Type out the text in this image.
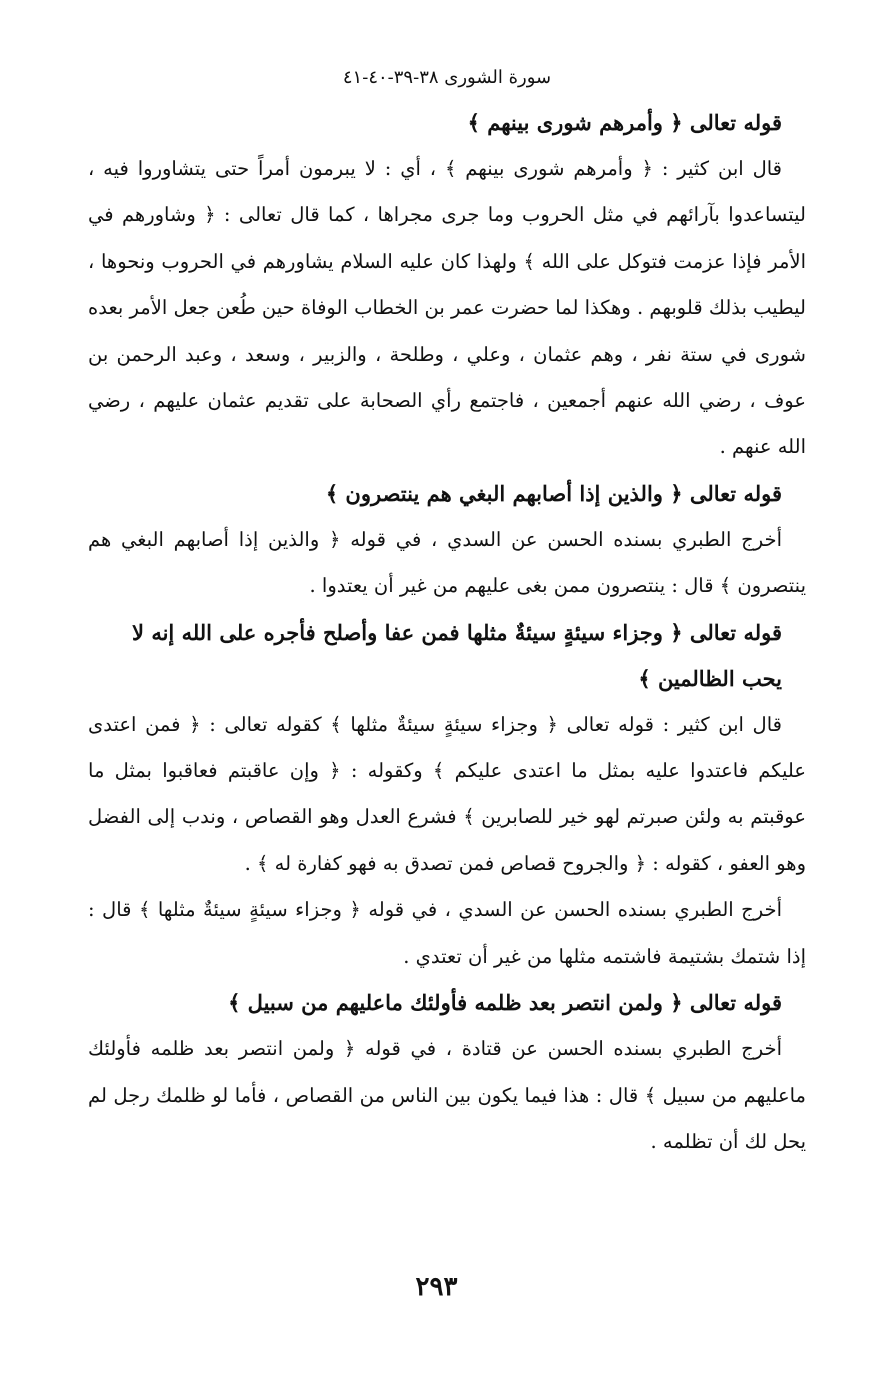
سورة الشورى ٣٨-٣٩-٤٠-٤١

قوله تعالى ﴿ وأمرهم شورى بينهم ﴾

قال ابن كثير : ﴿ وأمرهم شورى بينهم ﴾ ، أي : لا يبرمون أمراً حتى يتشاوروا فيه ، ليتساعدوا بآرائهم في مثل الحروب وما جرى مجراها ، كما قال تعالى : ﴿ وشاورهم في الأمر فإذا عزمت فتوكل على الله ﴾ ولهذا كان عليه السلام يشاورهم في الحروب ونحوها ، ليطيب بذلك قلوبهم . وهكذا لما حضرت عمر بن الخطاب الوفاة حين طُعن جعل الأمر بعده شورى في ستة نفر ، وهم عثمان ، وعلي ، وطلحة ، والزبير ، وسعد ، وعبد الرحمن بن عوف ، رضي الله عنهم أجمعين ، فاجتمع رأي الصحابة على تقديم عثمان عليهم ، رضي الله عنهم .

قوله تعالى ﴿ والذين إذا أصابهم البغي هم ينتصرون ﴾

أخرج الطبري بسنده الحسن عن السدي ، في قوله ﴿ والذين إذا أصابهم البغي هم ينتصرون ﴾ قال : ينتصرون ممن بغى عليهم من غير أن يعتدوا .

قوله تعالى ﴿ وجزاء سيئةٍ سيئةٌ مثلها فمن عفا وأصلح فأجره على الله إنه لا يحب الظالمين ﴾

قال ابن كثير : قوله تعالى ﴿ وجزاء سيئةٍ سيئةٌ مثلها ﴾ كقوله تعالى : ﴿ فمن اعتدى عليكم فاعتدوا عليه بمثل ما اعتدى عليكم ﴾ وكقوله : ﴿ وإن عاقبتم فعاقبوا بمثل ما عوقبتم به ولئن صبرتم لهو خير للصابرين ﴾ فشرع العدل وهو القصاص ، وندب إلى الفضل وهو العفو ، كقوله : ﴿ والجروح قصاص فمن تصدق به فهو كفارة له ﴾ .

أخرج الطبري بسنده الحسن عن السدي ، في قوله ﴿ وجزاء سيئةٍ سيئةٌ مثلها ﴾ قال : إذا شتمك بشتيمة فاشتمه مثلها من غير أن تعتدي .

قوله تعالى ﴿ ولمن انتصر بعد ظلمه فأولئك ماعليهم من سبيل ﴾

أخرج الطبري بسنده الحسن عن قتادة ، في قوله ﴿ ولمن انتصر بعد ظلمه فأولئك ماعليهم من سبيل ﴾ قال : هذا فيما يكون بين الناس من القصاص ، فأما لو ظلمك رجل لم يحل لك أن تظلمه .

٢٩٣
